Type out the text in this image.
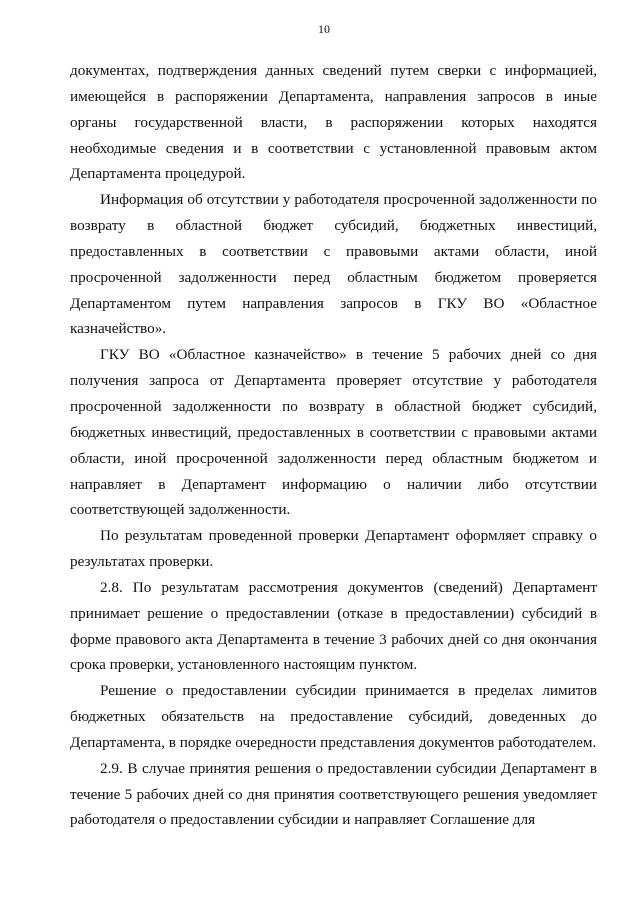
10

документах, подтверждения данных сведений путем сверки с информацией, имеющейся в распоряжении Департамента, направления запросов в иные органы государственной власти, в распоряжении которых находятся необходимые сведения и в соответствии с установленной правовым актом Департамента процедурой.

Информация об отсутствии у работодателя просроченной задолженности по возврату в областной бюджет субсидий, бюджетных инвестиций, предоставленных в соответствии с правовыми актами области, иной просроченной задолженности перед областным бюджетом проверяется Департаментом путем направления запросов в ГКУ ВО «Областное казначейство».

ГКУ ВО «Областное казначейство» в течение 5 рабочих дней со дня получения запроса от Департамента проверяет отсутствие у работодателя просроченной задолженности по возврату в областной бюджет субсидий, бюджетных инвестиций, предоставленных в соответствии с правовыми актами области, иной просроченной задолженности перед областным бюджетом и направляет в Департамент информацию о наличии либо отсутствии соответствующей задолженности.

По результатам проведенной проверки Департамент оформляет справку о результатах проверки.

2.8. По результатам рассмотрения документов (сведений) Департамент принимает решение о предоставлении (отказе в предоставлении) субсидий в форме правового акта Департамента в течение 3 рабочих дней со дня окончания срока проверки, установленного настоящим пунктом.

Решение о предоставлении субсидии принимается в пределах лимитов бюджетных обязательств на предоставление субсидий, доведенных до Департамента, в порядке очередности представления документов работодателем.

2.9. В случае принятия решения о предоставлении субсидии Департамент в течение 5 рабочих дней со дня принятия соответствующего решения уведомляет работодателя о предоставлении субсидии и направляет Соглашение для
